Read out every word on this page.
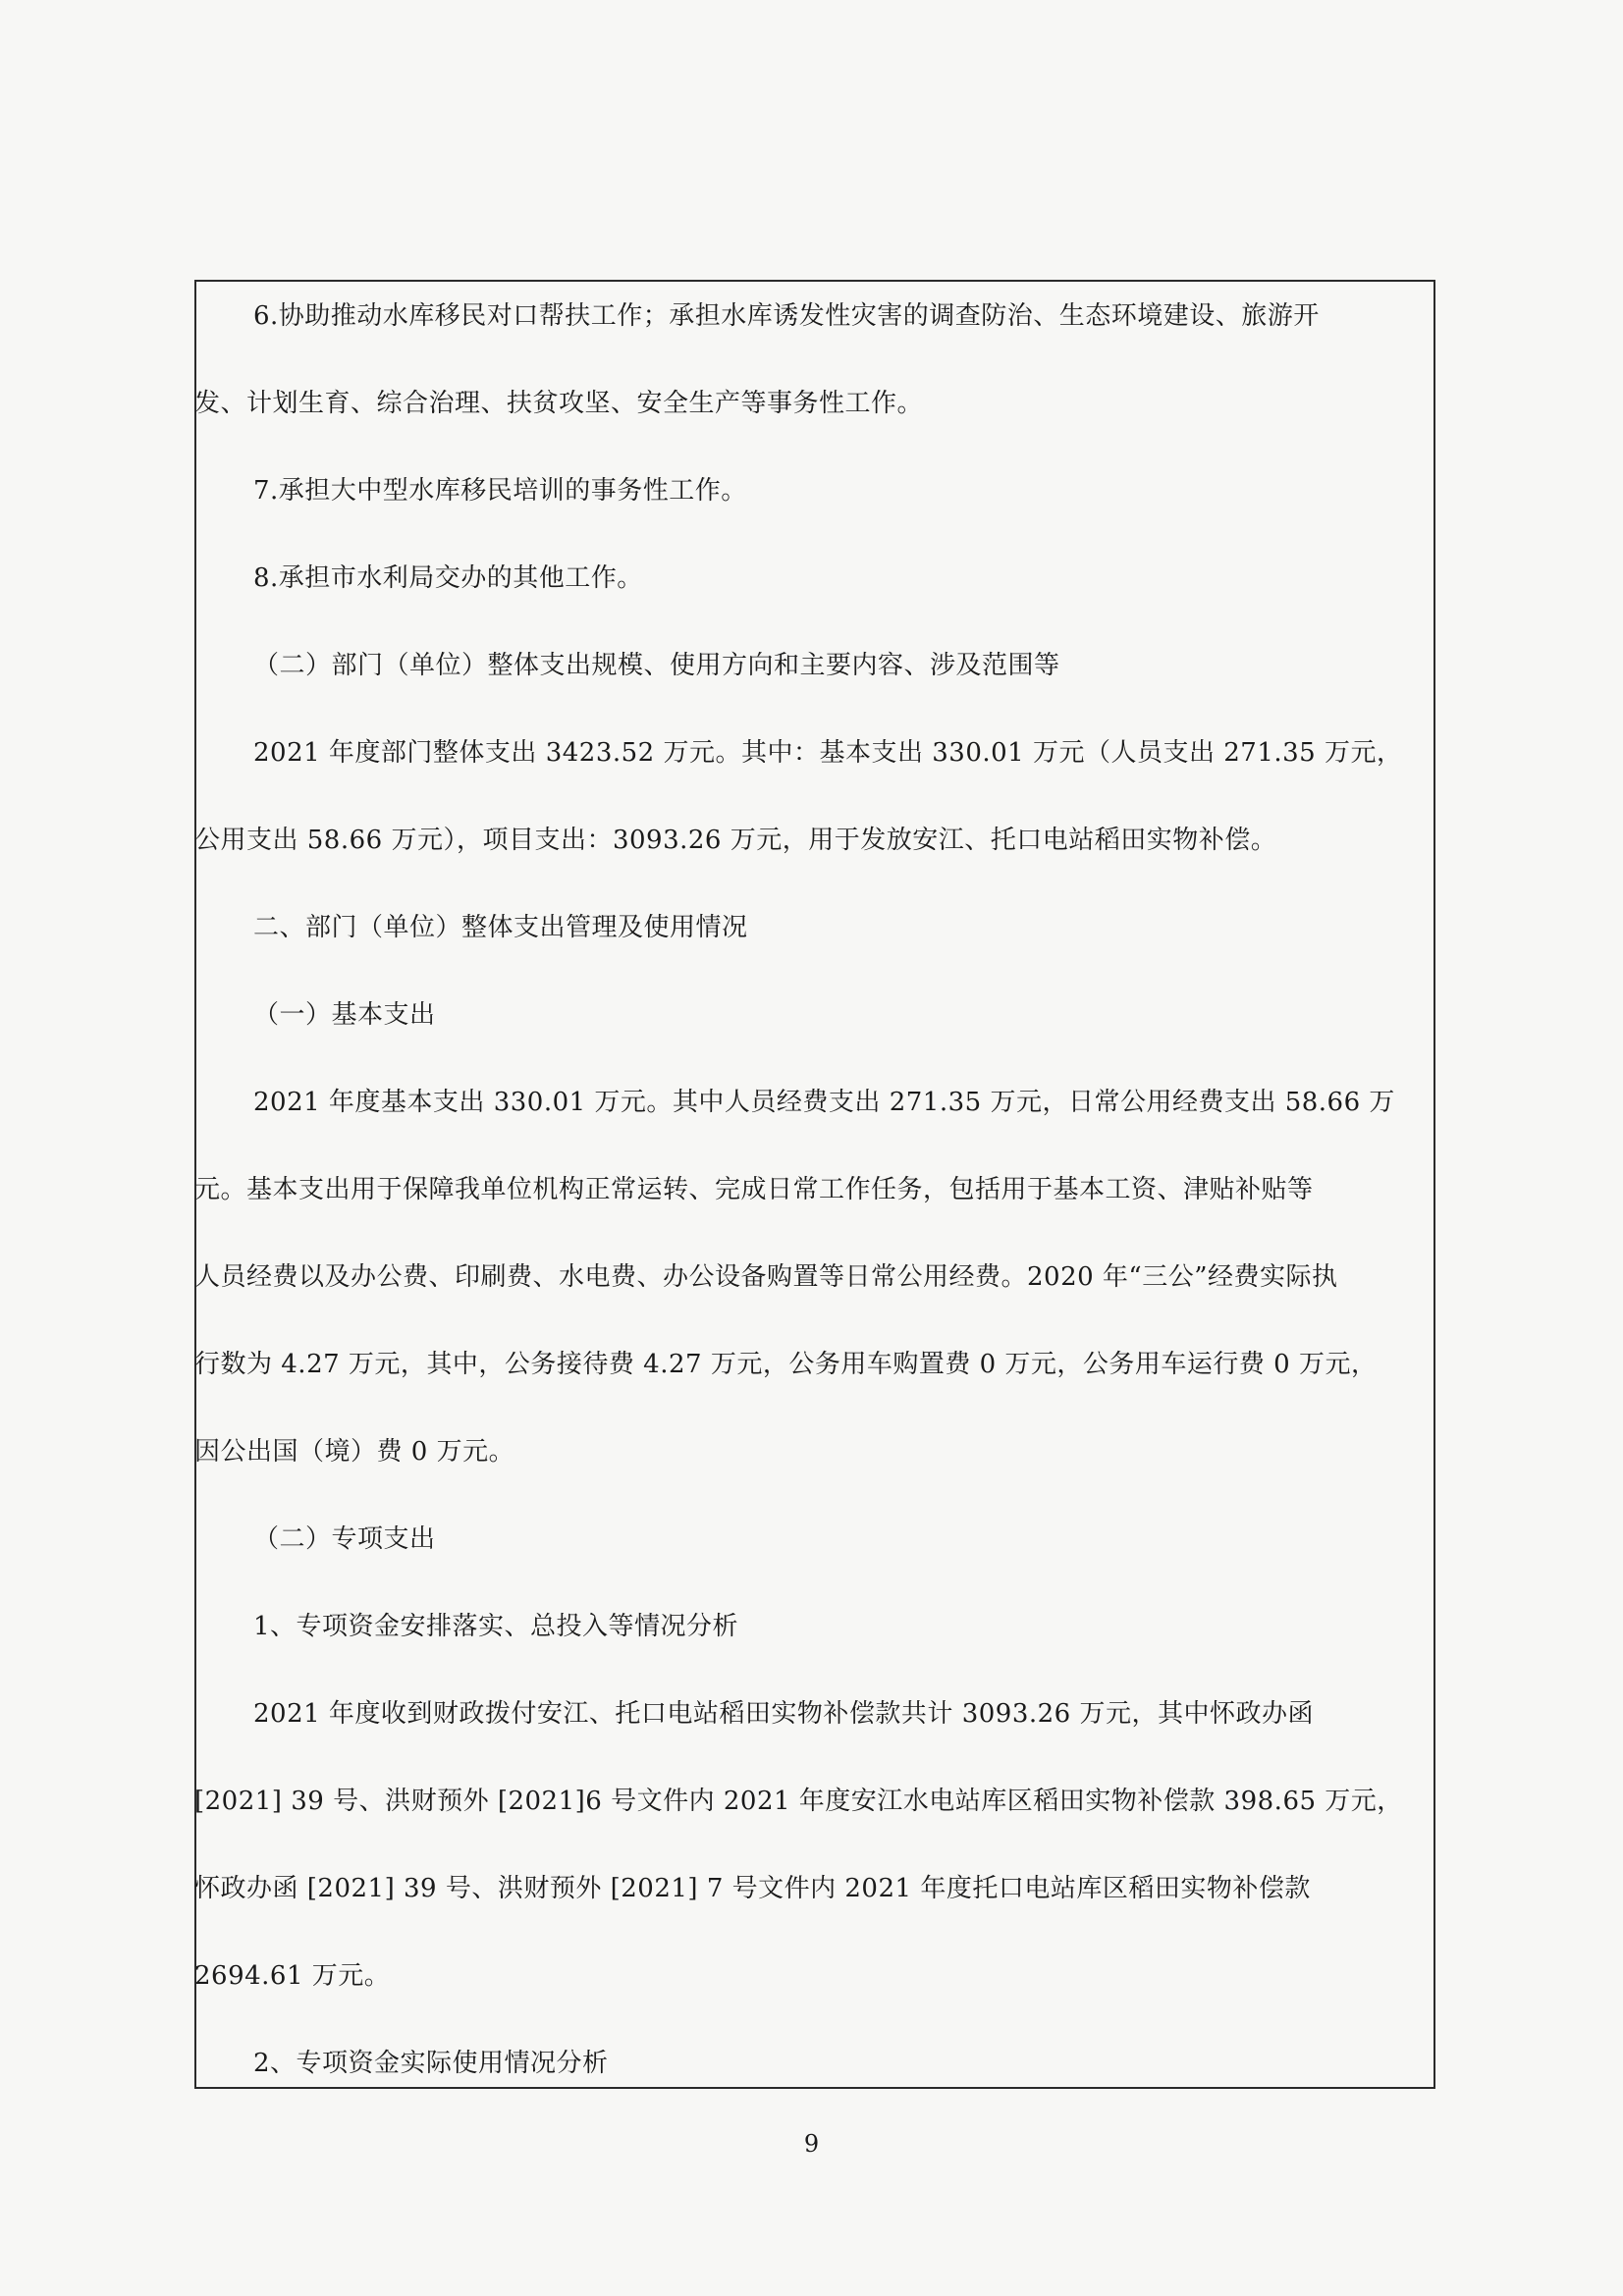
6.协助推动水库移民对口帮扶工作；承担水库诱发性灾害的调查防治、生态环境建设、旅游开

发、计划生育、综合治理、扶贫攻坚、安全生产等事务性工作。

7.承担大中型水库移民培训的事务性工作。

8.承担市水利局交办的其他工作。

（二）部门（单位）整体支出规模、使用方向和主要内容、涉及范围等

2021 年度部门整体支出 3423.52 万元。其中：基本支出 330.01 万元（人员支出 271.35 万元，

公用支出 58.66 万元），项目支出：3093.26 万元，用于发放安江、托口电站稻田实物补偿。

二、部门（单位）整体支出管理及使用情况

（一）基本支出

2021 年度基本支出 330.01 万元。其中人员经费支出 271.35 万元，日常公用经费支出 58.66 万

元。基本支出用于保障我单位机构正常运转、完成日常工作任务，包括用于基本工资、津贴补贴等

人员经费以及办公费、印刷费、水电费、办公设备购置等日常公用经费。2020 年“三公”经费实际执

行数为 4.27 万元，其中，公务接待费 4.27 万元，公务用车购置费 0 万元，公务用车运行费 0 万元，

因公出国（境）费 0 万元。

（二）专项支出

1、专项资金安排落实、总投入等情况分析

2021 年度收到财政拨付安江、托口电站稻田实物补偿款共计 3093.26 万元，其中怀政办函

[2021] 39 号、洪财预外 [2021]6 号文件内 2021 年度安江水电站库区稻田实物补偿款 398.65 万元，

怀政办函 [2021] 39 号、洪财预外 [2021] 7 号文件内 2021 年度托口电站库区稻田实物补偿款

2694.61 万元。

2、专项资金实际使用情况分析

9
